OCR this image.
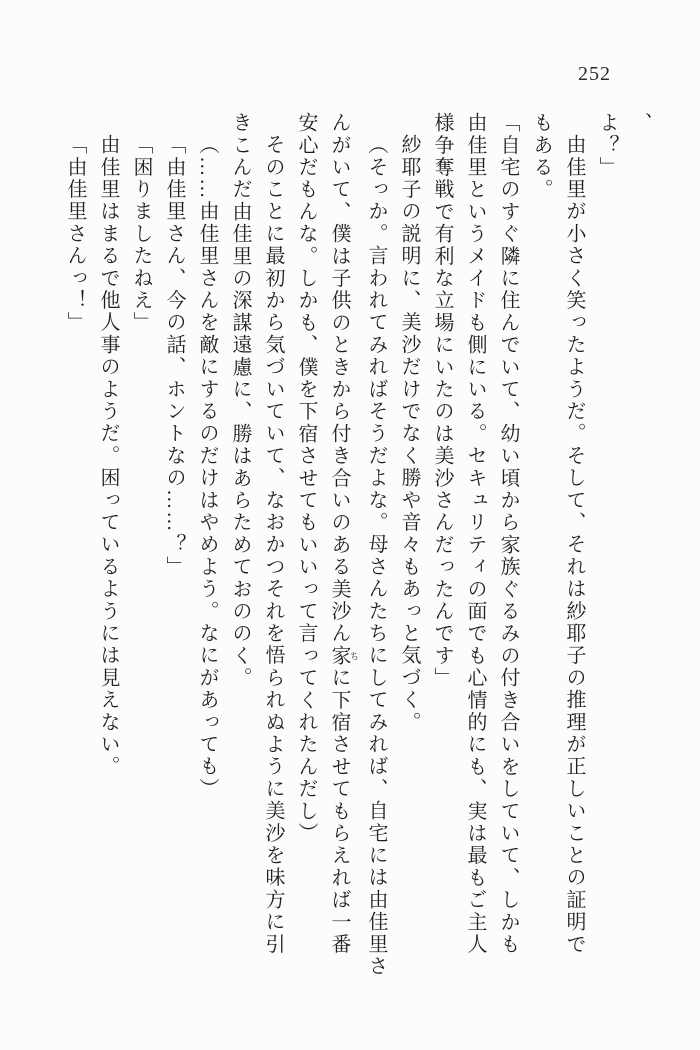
252

、

よ？」

由佳里が小さく笑ったようだ。そして、それは紗耶子の推理が正しいことの証明で

もある。

「自宅のすぐ隣に住んでいて、幼い頃から家族ぐるみの付き合いをしていて、しかも

由佳里というメイドも側にいる。セキュリティの面でも心情的にも、実は最もご主人

様争奪戦で有利な立場にいたのは美沙さんだったんです」

紗耶子の説明に、美沙だけでなく勝や音々もあっと気づく。

（そっか。言われてみればそうだよな。母さんたちにしてみれば、自宅には由佳里さ

んがいて、僕は子供のときから付き合いのある美沙ん家 ちに下宿させてもらえれば一番

安心だもんな。しかも、僕を下宿させてもいいって言ってくれたんだし）

そのことに最初から気づいていて、なおかつそれを悟られぬように美沙を味方に引

きこんだ由佳里の深謀遠慮に、勝はあらためておののく。

（……由佳里さんを敵にするのだけはやめよう。なにがあっても）

「由佳里さん、今の話、ホントなの……？」

「困りましたねえ」

由佳里はまるで他人事のようだ。困っているようには見えない。

「由佳里さんっ！」
